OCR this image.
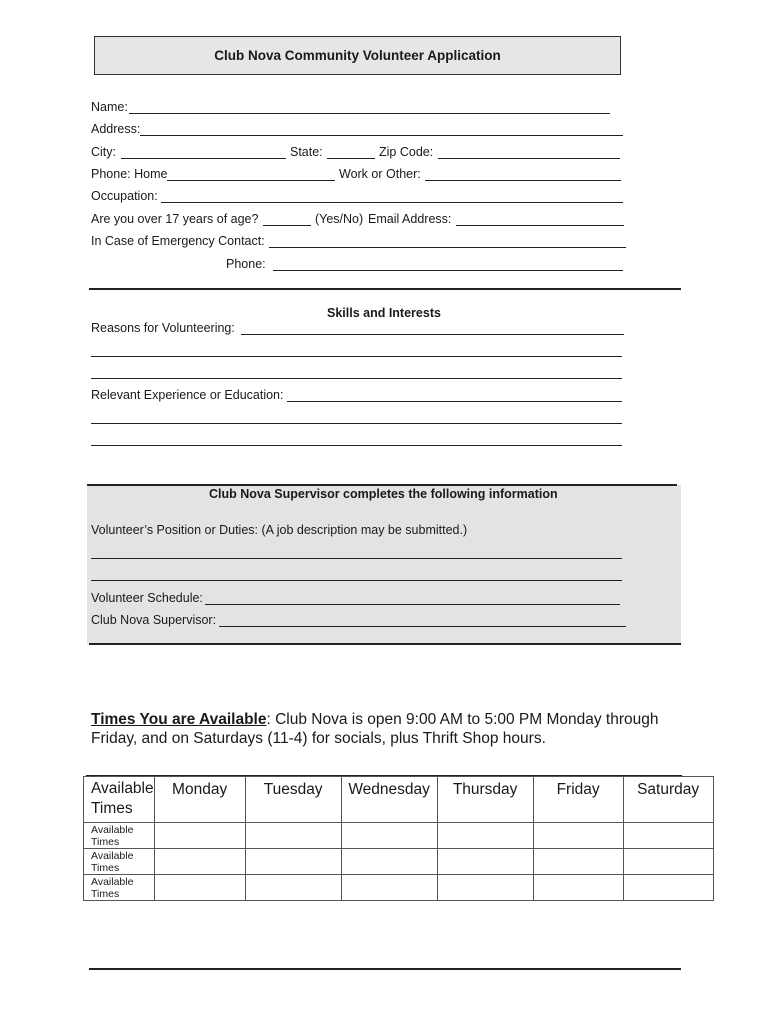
Club Nova Community Volunteer Application
Name:
Address:
City:	State:	Zip Code:
Phone: Home	Work or Other:
Occupation:
Are you over 17 years of age?	(Yes/No) Email Address:
In Case of Emergency Contact:
Phone:
Skills and Interests
Reasons for Volunteering:
Relevant Experience or Education:
Club Nova Supervisor completes the following information
Volunteer’s Position or Duties: (A job description may be submitted.)
Volunteer Schedule:
Club Nova Supervisor:
Times You are Available: Club Nova is open 9:00 AM to 5:00 PM Monday through Friday, and on Saturdays (11-4) for socials, plus Thrift Shop hours.
Available
Times	Monday	Tuesday	Wednesday	Thursday	Friday	Saturday
Available Times						
Available Times						
Available Times						
